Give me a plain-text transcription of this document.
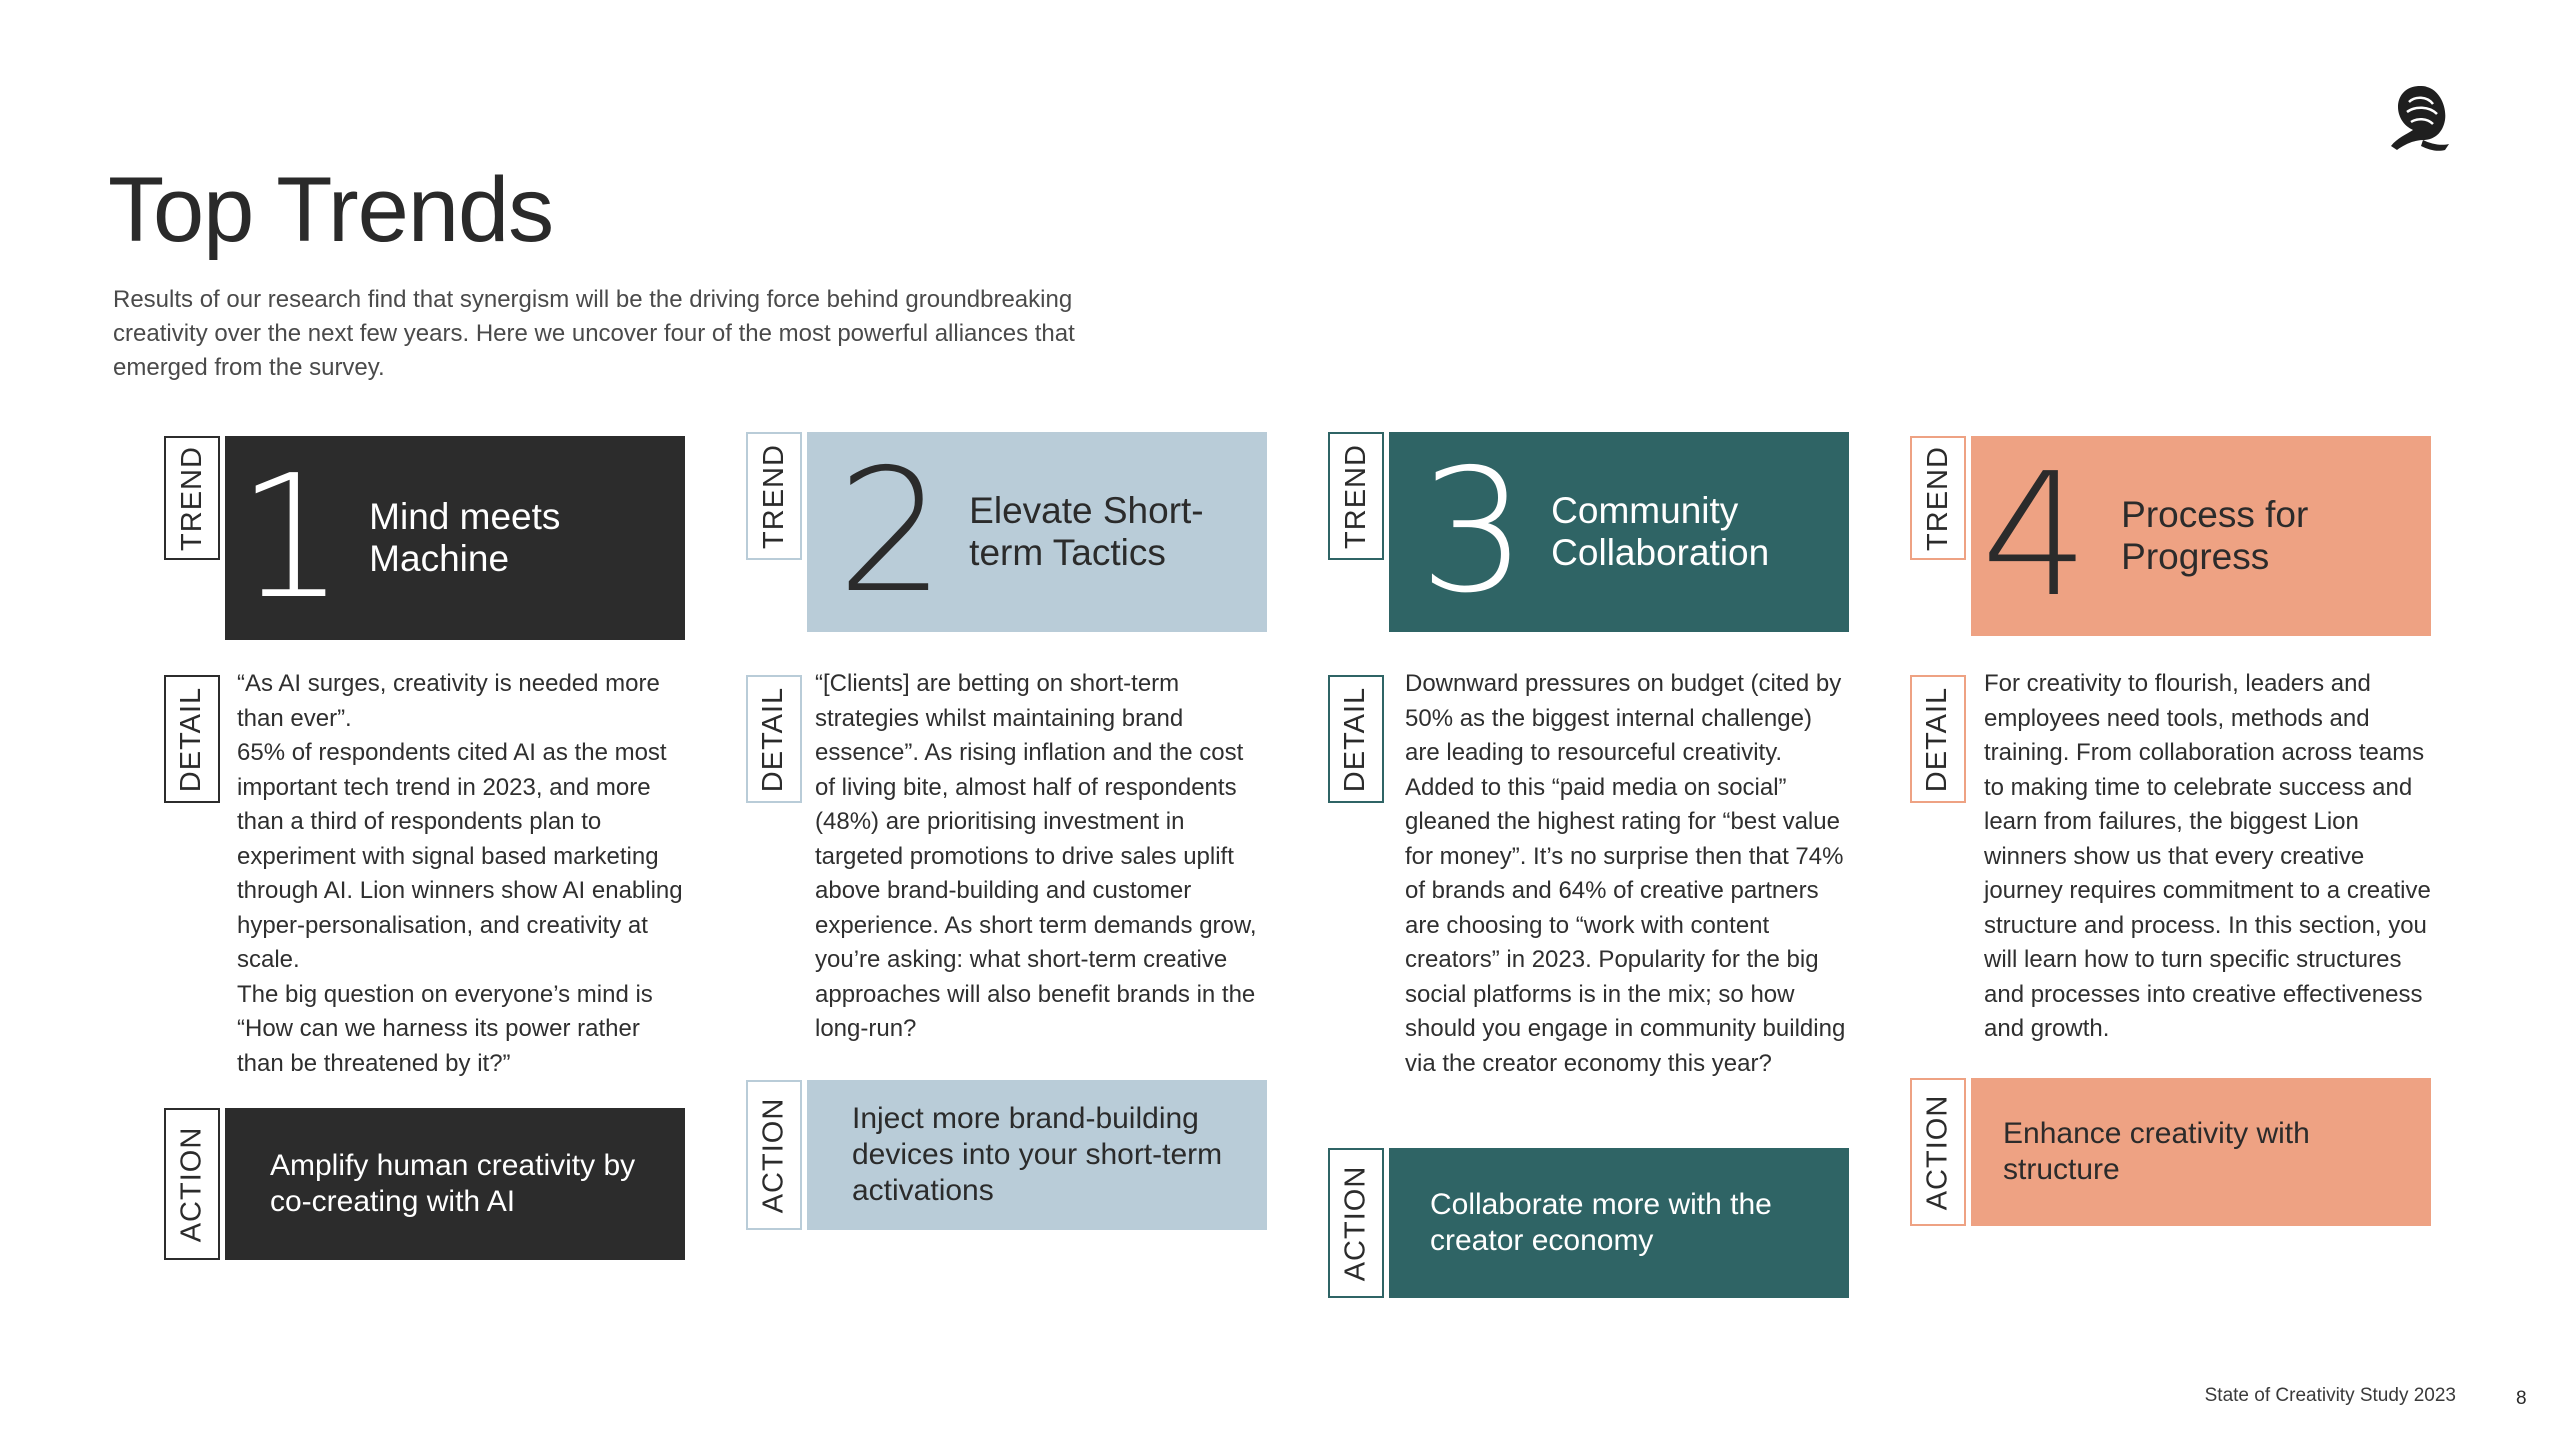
Top Trends
Results of our research find that synergism will be the driving force behind groundbreaking creativity over the next few years. Here we uncover four of the most powerful alliances that emerged from the survey.
TREND 1 Mind meets Machine
DETAIL
“As AI surges, creativity is needed more than ever”.
65% of respondents cited AI as the most important tech trend in 2023, and more than a third of respondents plan to experiment with signal based marketing through AI. Lion winners show AI enabling hyper-personalisation, and creativity at scale.
The big question on everyone’s mind is “How can we harness its power rather than be threatened by it?”
ACTION Amplify human creativity by co-creating with AI
TREND 2 Elevate Short-term Tactics
DETAIL
“[Clients] are betting on short-term strategies whilst maintaining brand essence”. As rising inflation and the cost of living bite, almost half of respondents (48%) are prioritising investment in targeted promotions to drive sales uplift above brand-building and customer experience. As short term demands grow, you’re asking: what short-term creative approaches will also benefit brands in the long-run?
ACTION Inject more brand-building devices into your short-term activations
TREND 3 Community Collaboration
DETAIL
Downward pressures on budget (cited by 50% as the biggest internal challenge) are leading to resourceful creativity. Added to this “paid media on social” gleaned the highest rating for “best value for money”. It’s no surprise then that 74% of brands and 64% of creative partners are choosing to “work with content creators” in 2023. Popularity for the big social platforms is in the mix; so how should you engage in community building via the creator economy this year?
ACTION Collaborate more with the creator economy
TREND 4 Process for Progress
DETAIL
For creativity to flourish, leaders and employees need tools, methods and training. From collaboration across teams to making time to celebrate success and learn from failures, the biggest Lion winners show us that every creative journey requires commitment to a creative structure and process. In this section, you will learn how to turn specific structures and processes into creative effectiveness and growth.
ACTION Enhance creativity with structure
State of Creativity Study 2023	8
